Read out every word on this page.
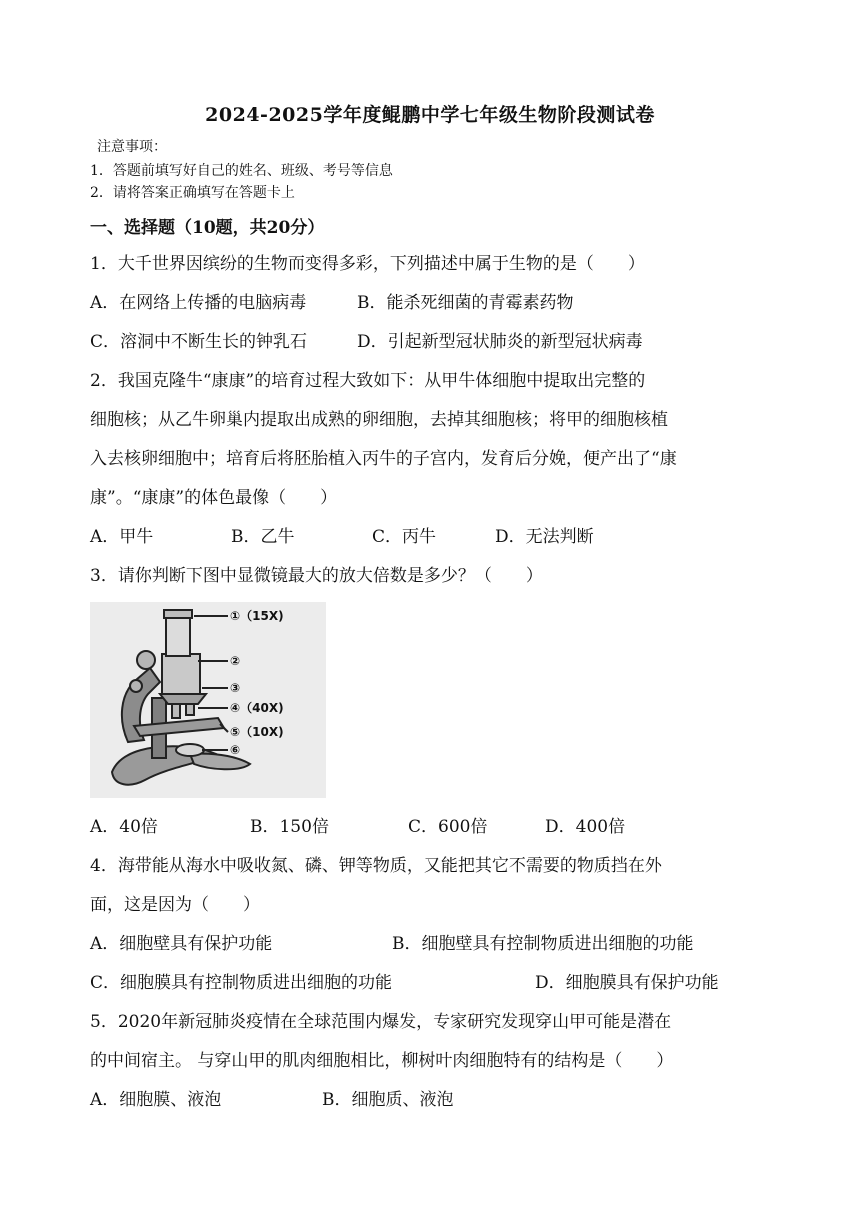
2024-2025学年度鲲鹏中学七年级生物阶段测试卷
注意事项：
1．答题前填写好自己的姓名、班级、考号等信息
2．请将答案正确填写在答题卡上
一、选择题（10题，共20分）
1．大千世界因缤纷的生物而变得多彩，下列描述中属于生物的是（　　）
A．在网络上传播的电脑病毒	B．能杀死细菌的青霉素药物
C．溶洞中不断生长的钟乳石	D．引起新型冠状肺炎的新型冠状病毒
2．我国克隆牛“康康”的培育过程大致如下：从甲牛体细胞中提取出完整的
细胞核；从乙牛卵巢内提取出成熟的卵细胞，去掉其细胞核；将甲的细胞核植
入去核卵细胞中；培育后将胚胎植入丙牛的子宫内，发育后分娩，便产出了“康
康”。“康康”的体色最像（　　）
A．甲牛	B．乙牛	C．丙牛	D．无法判断
3．请你判断下图中显微镜最大的放大倍数是多少？（　　）
①（15X)
②
③
④（40X)
⑤（10X)
⑥
A．40倍	B．150倍	C．600倍	D．400倍
4．海带能从海水中吸收氮、磷、钾等物质，又能把其它不需要的物质挡在外
面，这是因为（　　）
A．细胞壁具有保护功能	B．细胞壁具有控制物质进出细胞的功能
C．细胞膜具有控制物质进出细胞的功能	D．细胞膜具有保护功能
5．2020年新冠肺炎疫情在全球范围内爆发，专家研究发现穿山甲可能是潜在
的中间宿主。 与穿山甲的肌肉细胞相比，柳树叶肉细胞特有的结构是（　　）
A．细胞膜、液泡	B．细胞质、液泡
